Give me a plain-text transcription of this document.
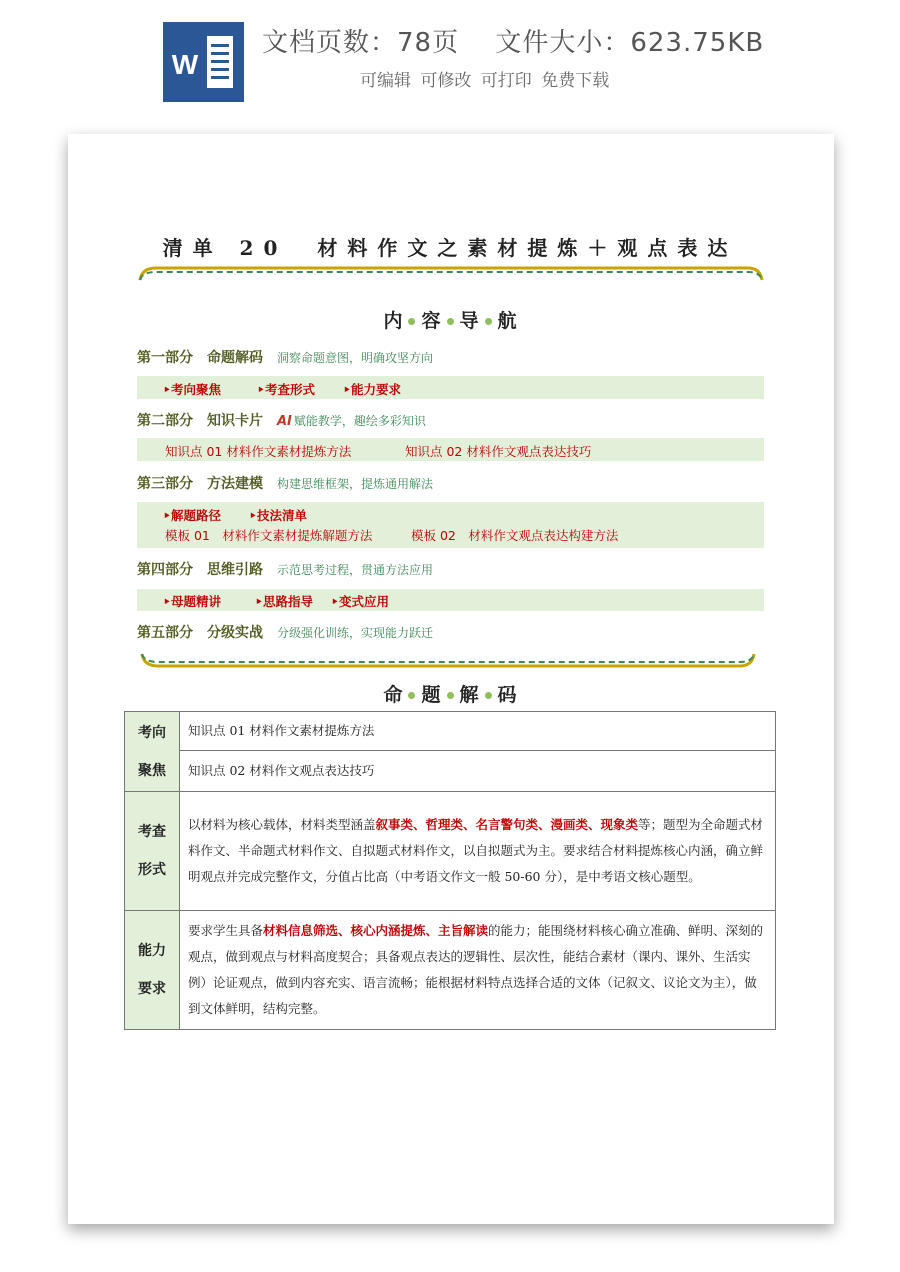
W
文档页数：78页　 文件大小：623.75KB
可编辑 可修改 可打印 免费下载
清单 20　材料作文之素材提炼＋观点表达
内 容 导 航
第一部分　命题解码 洞察命题意图，明确攻坚方向
‣考向聚焦	‣考查形式 ‣能力要求
第二部分　知识卡片 AI 赋能教学，趣绘多彩知识
知识点 01 材料作文素材提炼方法	知识点 02 材料作文观点表达技巧
第三部分　方法建模 构建思维框架，提炼通用解法
‣解题路径 ‣技法清单
模板 01　材料作文素材提炼解题方法	模板 02　材料作文观点表达构建方法
第四部分　思维引路 示范思考过程，贯通方法应用
‣母题精讲	‣思路指导 ‣变式应用
第五部分　分级实战 分级强化训练，实现能力跃迁
命 题 解 码
考向
聚焦	知识点 01 材料作文素材提炼方法
	知识点 02 材料作文观点表达技巧

考查
形式	以材料为核心载体，材料类型涵盖叙事类、哲理类、名言警句类、漫画类、现象类等；题型为全命题式材料作文、半命题式材料作文、自拟题式材料作文，以自拟题式为主。要求结合材料提炼核心内涵，确立鲜明观点并完成完整作文，分值占比高（中考语文作文一般 50-60 分），是中考语文核心题型。

能力
要求	要求学生具备材料信息筛选、核心内涵提炼、主旨解读的能力；能围绕材料核心确立准确、鲜明、深刻的观点，做到观点与材料高度契合；具备观点表达的逻辑性、层次性，能结合素材（课内、课外、生活实例）论证观点，做到内容充实、语言流畅；能根据材料特点选择合适的文体（记叙文、议论文为主），做到文体鲜明，结构完整。
